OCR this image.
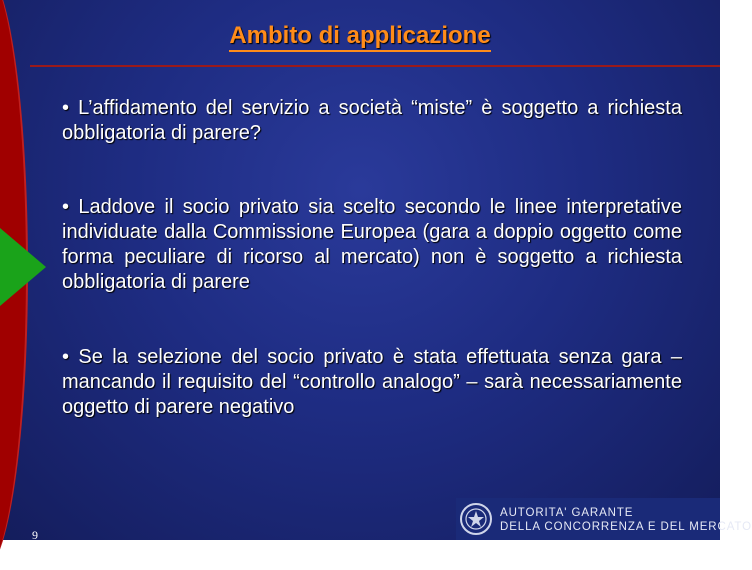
Ambito di applicazione
• L’affidamento del servizio a società “miste” è soggetto a richiesta obbligatoria di parere?
• Laddove il socio privato sia scelto secondo le linee interpretative individuate dalla Commissione Europea (gara a doppio oggetto come forma peculiare di ricorso al mercato) non è soggetto a richiesta obbligatoria di parere
• Se la selezione del socio privato è stata effettuata senza gara – mancando il requisito del “controllo analogo” – sarà necessariamente oggetto di parere negativo
9
AUTORITA' GARANTE
DELLA CONCORRENZA E DEL MERCATO
